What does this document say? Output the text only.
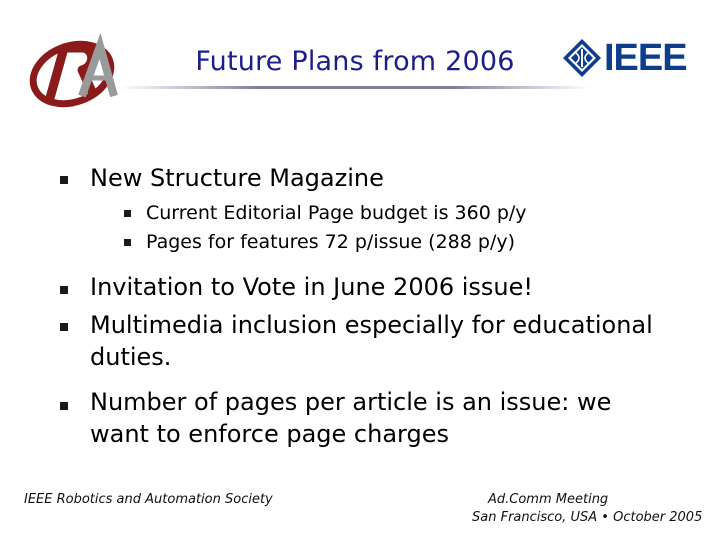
Future Plans from 2006	IEEE
New Structure Magazine
Current Editorial Page budget is 360 p/y
Pages for features 72 p/issue (288 p/y)
Invitation to Vote in June 2006 issue!
Multimedia inclusion especially for educational duties.
Number of pages per article is an issue: we want to enforce page charges
IEEE Robotics and Automation Society	Ad.Comm Meeting
San Francisco, USA • October 2005
